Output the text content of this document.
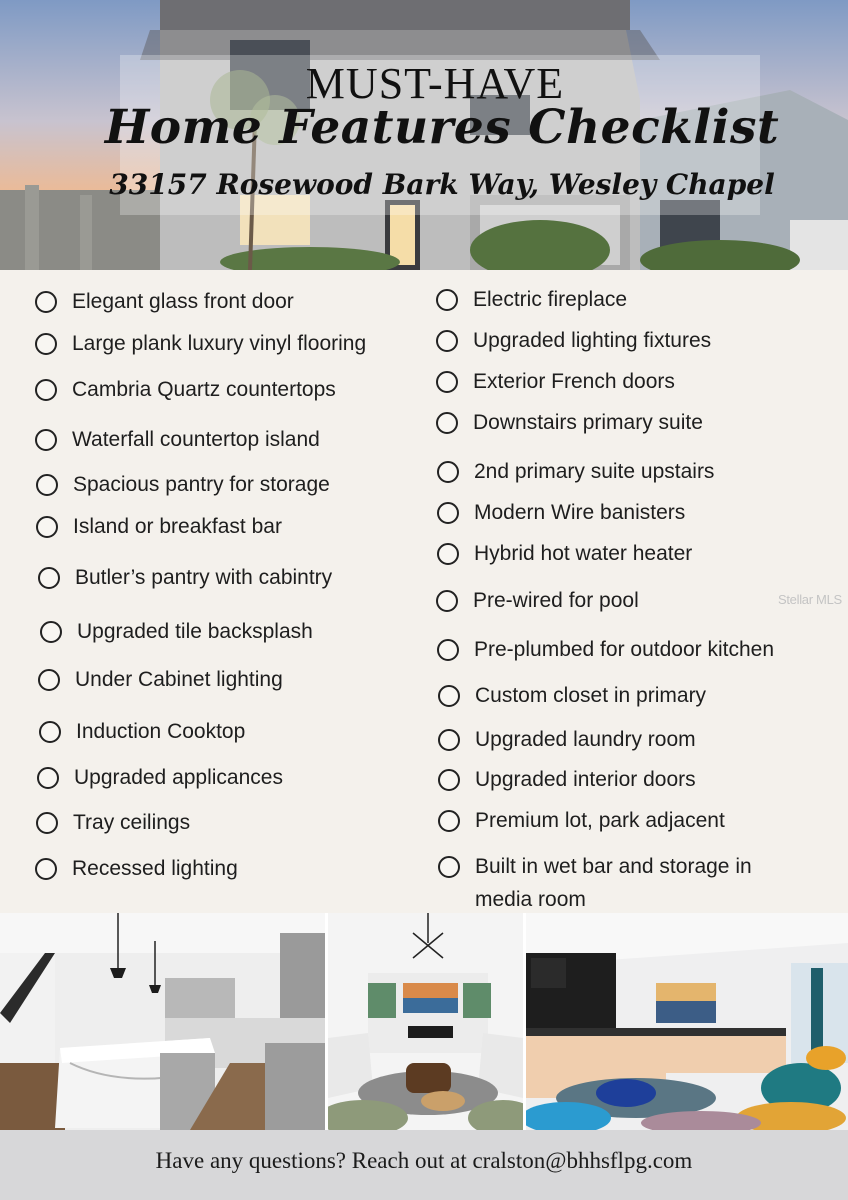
MUST-HAVE
Home Features Checklist
33157 Rosewood Bark Way, Wesley Chapel
Stellar MLS
Elegant glass front door
Large plank luxury vinyl flooring
Cambria Quartz countertops
Waterfall countertop island
Spacious pantry for storage
Island or breakfast bar
Butler’s pantry with cabintry
Upgraded tile backsplash
Under Cabinet lighting
Induction Cooktop
Upgraded applicances
Tray ceilings
Recessed lighting
Electric fireplace
Upgraded lighting fixtures
Exterior French doors
Downstairs primary suite
2nd primary suite upstairs
Modern Wire banisters
Hybrid hot water heater
Pre-wired for pool
Pre-plumbed for outdoor kitchen
Custom closet in primary
Upgraded laundry room
Upgraded interior doors
Premium lot, park adjacent
Built in wet bar and storage in media room
Have any questions? Reach out at cralston@bhhsflpg.com
